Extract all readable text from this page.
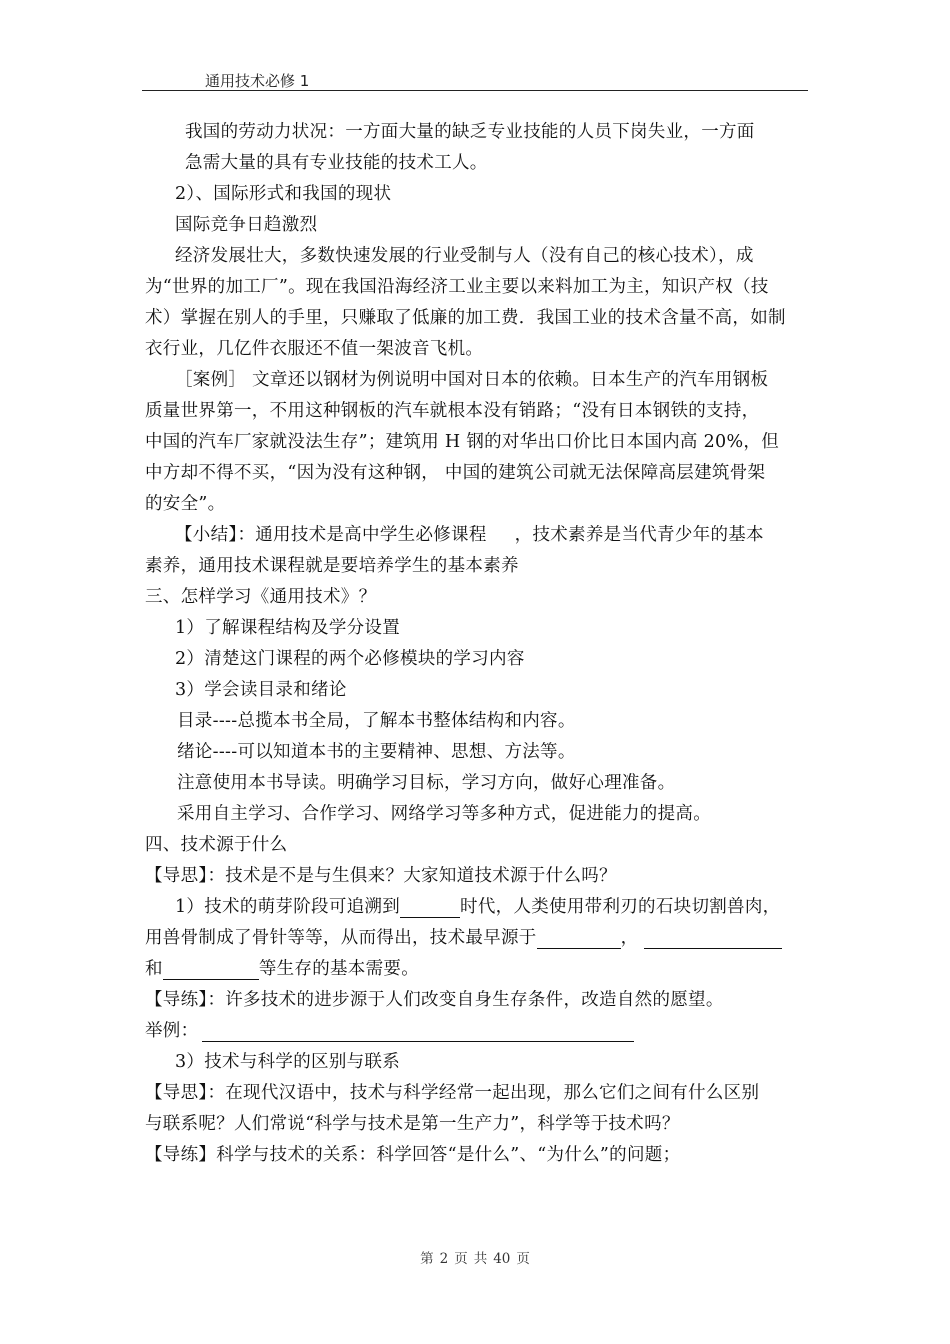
通用技术必修 1
我国的劳动力状况：一方面大量的缺乏专业技能的人员下岗失业，一方面
急需大量的具有专业技能的技术工人。
2）、国际形式和我国的现状
国际竞争日趋激烈
经济发展壮大，多数快速发展的行业受制与人（没有自己的核心技术），成
为“世界的加工厂”。现在我国沿海经济工业主要以来料加工为主，知识产权（技
术）掌握在别人的手里，只赚取了低廉的加工费．我国工业的技术含量不高，如制
衣行业，几亿件衣服还不值一架波音飞机。
［案例］ 文章还以钢材为例说明中国对日本的依赖。日本生产的汽车用钢板
质量世界第一，不用这种钢板的汽车就根本没有销路；“没有日本钢铁的支持，
中国的汽车厂家就没法生存”；建筑用 H 钢的对华出口价比日本国内高 20%，但
中方却不得不买，“因为没有这种钢， 中国的建筑公司就无法保障高层建筑骨架
的安全”。
【小结】：通用技术是高中学生必修课程 ，技术素养是当代青少年的基本
素养，通用技术课程就是要培养学生的基本素养
三、怎样学习《通用技术》？
1）了解课程结构及学分设置
2）清楚这门课程的两个必修模块的学习内容
3）学会读目录和绪论
目录----总揽本书全局，了解本书整体结构和内容。
绪论----可以知道本书的主要精神、思想、方法等。
注意使用本书导读。明确学习目标，学习方向，做好心理准备。
采用自主学习、合作学习、网络学习等多种方式，促进能力的提高。
四、技术源于什么
【导思】：技术是不是与生俱来？大家知道技术源于什么吗？
1）技术的萌芽阶段可追溯到	时代，人类使用带利刃的石块切割兽肉，
用兽骨制成了骨针等等，从而得出，技术最早源于	，
和	等生存的基本需要。
【导练】：许多技术的进步源于人们改变自身生存条件，改造自然的愿望。
举例：
3）技术与科学的区别与联系
【导思】：在现代汉语中，技术与科学经常一起出现，那么它们之间有什么区别
与联系呢？人们常说“科学与技术是第一生产力”，科学等于技术吗？
【导练】科学与技术的关系：科学回答“是什么”、“为什么”的问题；
第 2 页 共 40 页
